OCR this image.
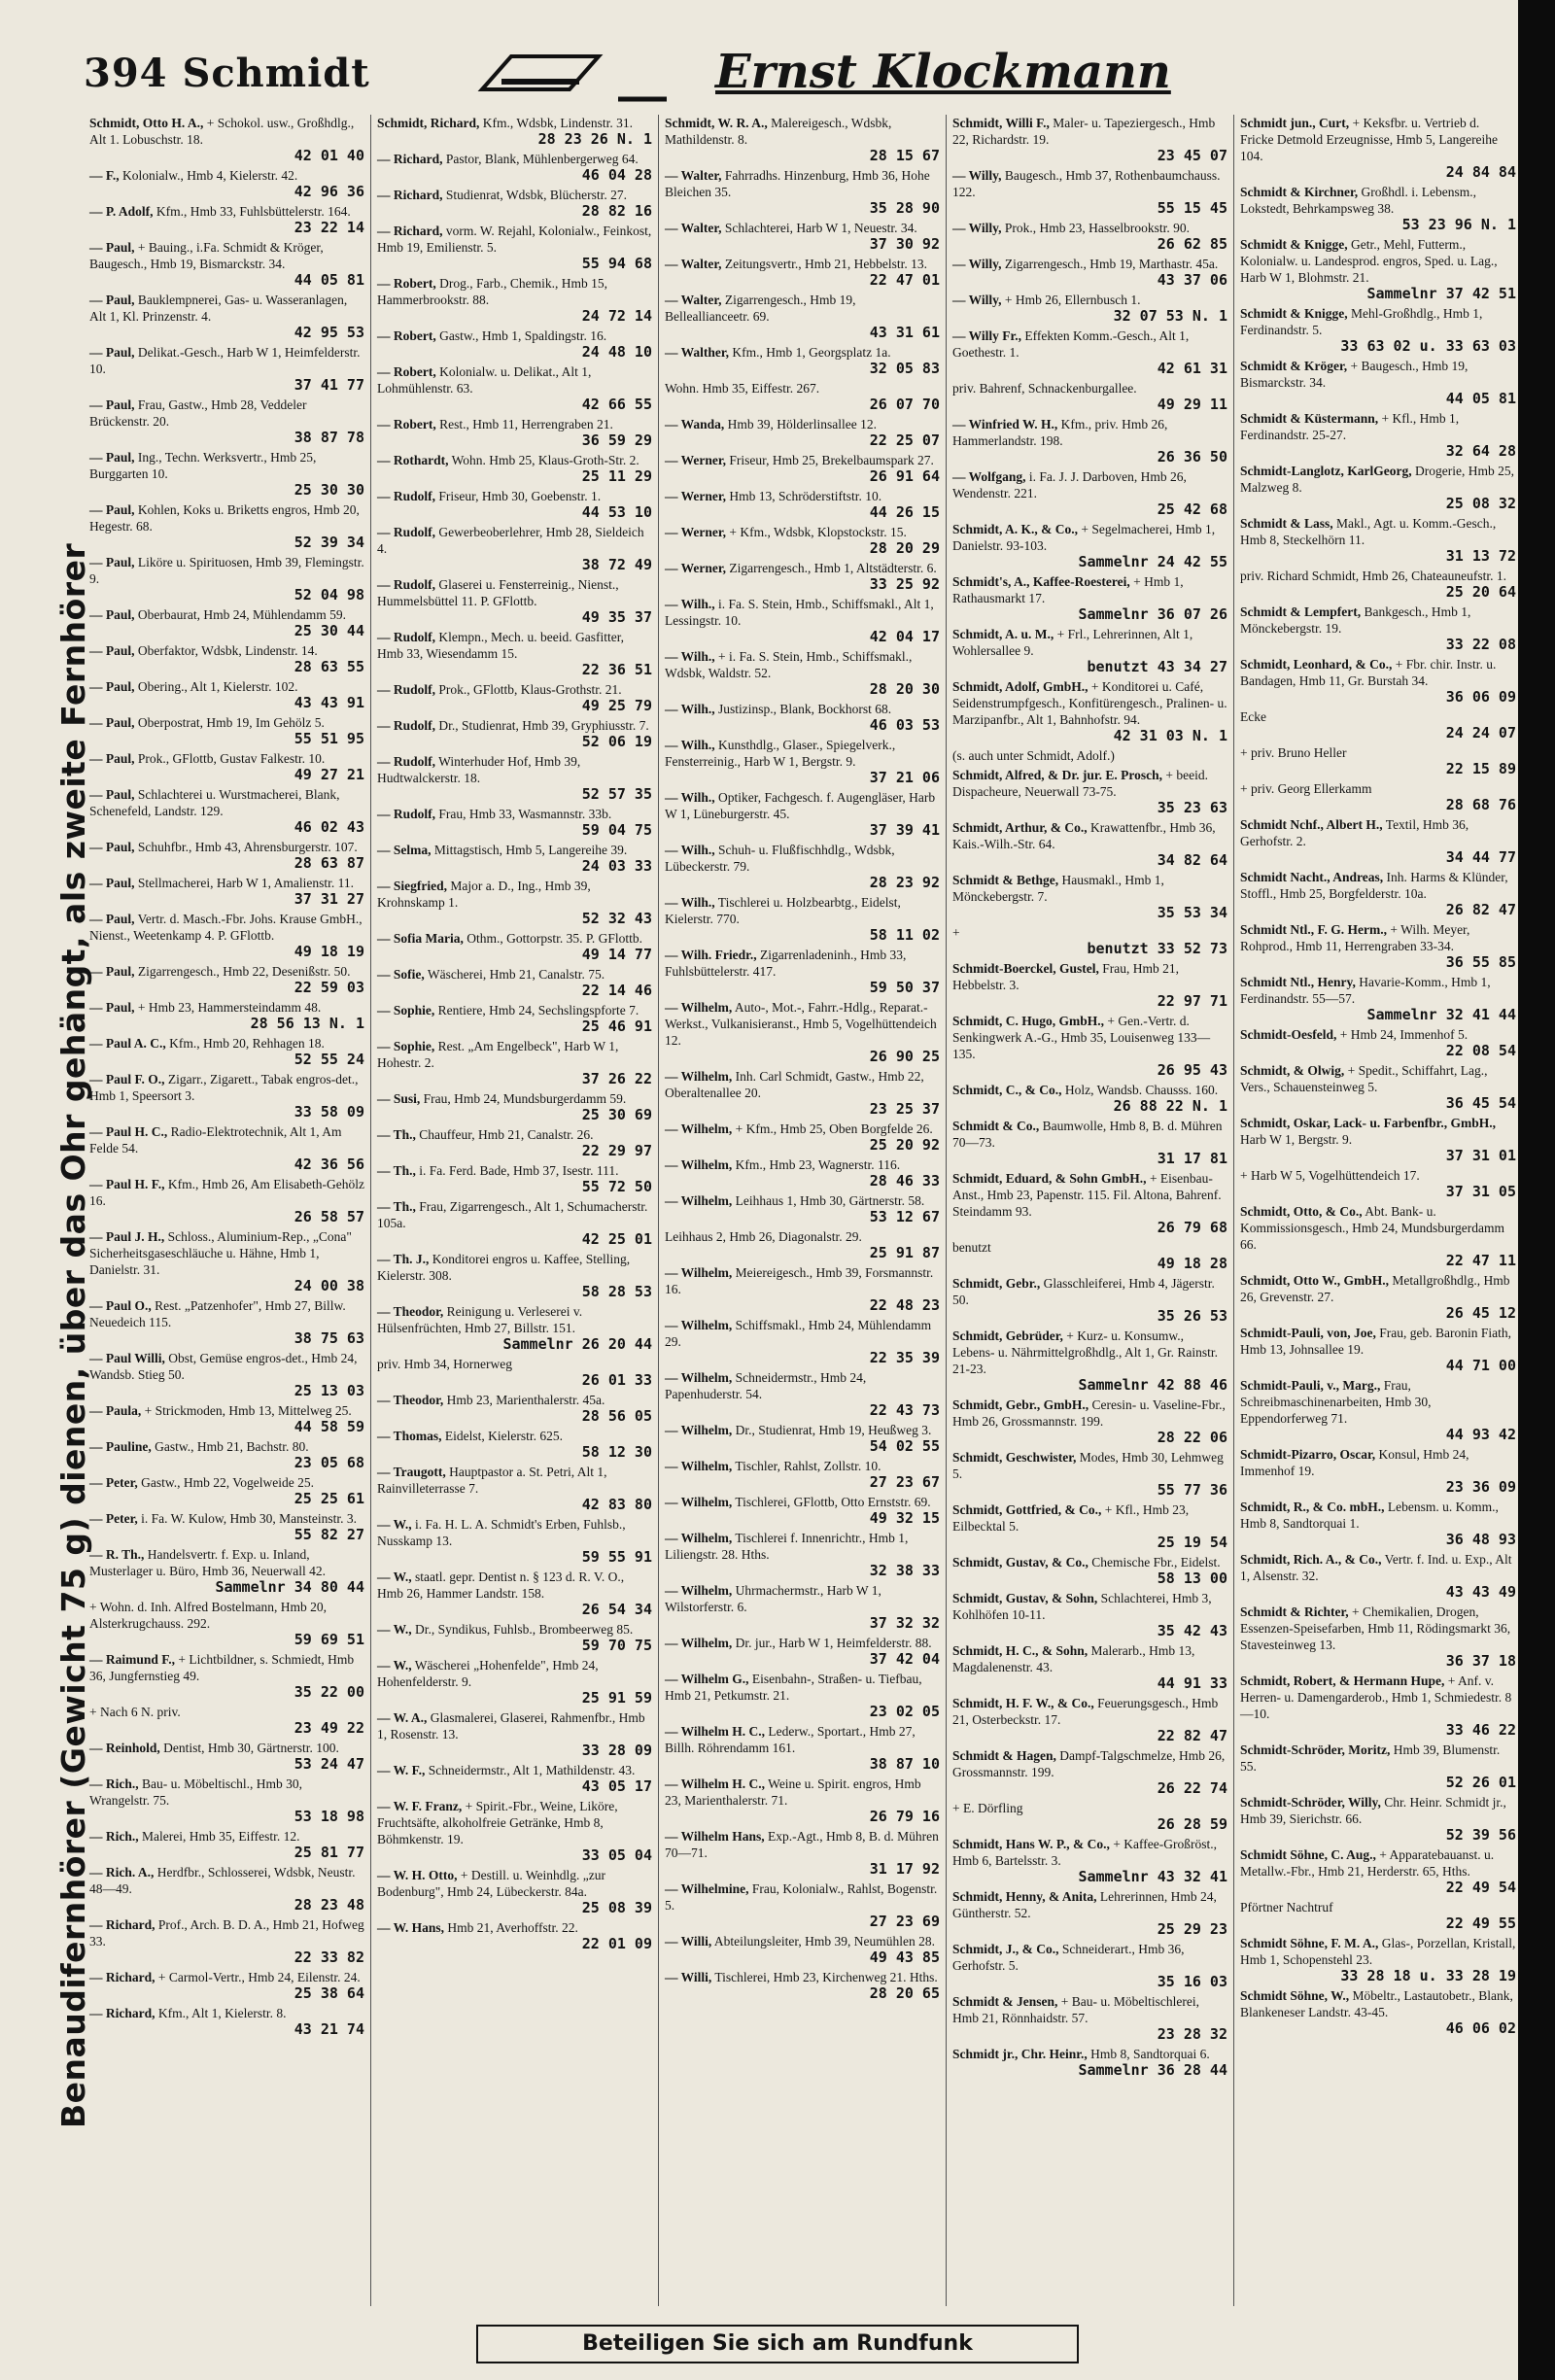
394 Schmidt	Ernst Klockmann
Benaudifernhörer (Gewicht 75 g) dienen, über das Ohr gehängt, als zweite Fernhörer
Schmidt, Otto H. A., + Schokol. usw., Großhdlg., Alt 1. Lobuschstr. 18.
42 01 40
— F., Kolonialw., Hmb 4, Kielerstr. 42.
42 96 36
— P. Adolf, Kfm., Hmb 33, Fuhlsbüttelerstr. 164.
23 22 14
— Paul, + Bauing., i.Fa. Schmidt & Kröger, Baugesch., Hmb 19, Bismarckstr. 34.
44 05 81
— Paul, Bauklempnerei, Gas- u. Wasseranlagen, Alt 1, Kl. Prinzenstr. 4.
42 95 53
— Paul, Delikat.-Gesch., Harb W 1, Heimfelderstr. 10.
37 41 77
— Paul, Frau, Gastw., Hmb 28, Veddeler Brückenstr. 20.
38 87 78
— Paul, Ing., Techn. Werksvertr., Hmb 25, Burggarten 10.
25 30 30
— Paul, Kohlen, Koks u. Briketts engros, Hmb 20, Hegestr. 68.
52 39 34
— Paul, Liköre u. Spirituosen, Hmb 39, Flemingstr. 9.
52 04 98
— Paul, Oberbaurat, Hmb 24, Mühlendamm 59.
25 30 44
— Paul, Oberfaktor, Wdsbk, Lindenstr. 14.
28 63 55
— Paul, Obering., Alt 1, Kielerstr. 102.
43 43 91
— Paul, Oberpostrat, Hmb 19, Im Gehölz 5.
55 51 95
— Paul, Prok., GFlottb, Gustav Falkestr. 10.
49 27 21
— Paul, Schlachterei u. Wurstmacherei, Blank, Schenefeld, Landstr. 129.
46 02 43
— Paul, Schuhfbr., Hmb 43, Ahrensburgerstr. 107.
28 63 87
— Paul, Stellmacherei, Harb W 1, Amalienstr. 11.
37 31 27
— Paul, Vertr. d. Masch.-Fbr. Johs. Krause GmbH., Nienst., Weetenkamp 4. P. GFlottb.
49 18 19
— Paul, Zigarrengesch., Hmb 22, Desenißstr. 50.
22 59 03
— Paul, + Hmb 23, Hammersteindamm 48.
28 56 13 N. 1
— Paul A. C., Kfm., Hmb 20, Rehhagen 18.
52 55 24
— Paul F. O., Zigarr., Zigarett., Tabak engros-det., Hmb 1, Speersort 3.
33 58 09
— Paul H. C., Radio-Elektrotechnik, Alt 1, Am Felde 54.
42 36 56
— Paul H. F., Kfm., Hmb 26, Am Elisabeth-Gehölz 16.
26 58 57
— Paul J. H., Schloss., Aluminium-Rep., „Cona" Sicherheitsgaseschläuche u. Hähne, Hmb 1, Danielstr. 31.
24 00 38
— Paul O., Rest. „Patzenhofer", Hmb 27, Billw. Neuedeich 115.
38 75 63
— Paul Willi, Obst, Gemüse engros-det., Hmb 24, Wandsb. Stieg 50.
25 13 03
— Paula, + Strickmoden, Hmb 13, Mittelweg 25.
44 58 59
— Pauline, Gastw., Hmb 21, Bachstr. 80.
23 05 68
— Peter, Gastw., Hmb 22, Vogelweide 25.
25 25 61
— Peter, i. Fa. W. Kulow, Hmb 30, Mansteinstr. 3.
55 82 27
— R. Th., Handelsvertr. f. Exp. u. Inland, Musterlager u. Büro, Hmb 36, Neuerwall 42.
Sammelnr 34 80 44
+ Wohn. d. Inh. Alfred Bostelmann, Hmb 20, Alsterkrugchauss. 292.
59 69 51
— Raimund F., + Lichtbildner, s. Schmiedt, Hmb 36, Jungfernstieg 49.
35 22 00
+ Nach 6 N. priv.
23 49 22
— Reinhold, Dentist, Hmb 30, Gärtnerstr. 100.
53 24 47
— Rich., Bau- u. Möbeltischl., Hmb 30, Wrangelstr. 75.
53 18 98
— Rich., Malerei, Hmb 35, Eiffestr. 12.
25 81 77
— Rich. A., Herdfbr., Schlosserei, Wdsbk, Neustr. 48—49.
28 23 48
— Richard, Prof., Arch. B. D. A., Hmb 21, Hofweg 33.
22 33 82
— Richard, + Carmol-Vertr., Hmb 24, Eilenstr. 24.
25 38 64
— Richard, Kfm., Alt 1, Kielerstr. 8.
43 21 74
Schmidt, Richard, Kfm., Wdsbk, Lindenstr. 31.
28 23 26 N. 1
— Richard, Pastor, Blank, Mühlenbergerweg 64.
46 04 28
— Richard, Studienrat, Wdsbk, Blücherstr. 27.
28 82 16
— Richard, vorm. W. Rejahl, Kolonialw., Feinkost, Hmb 19, Emilienstr. 5.
55 94 68
— Robert, Drog., Farb., Chemik., Hmb 15, Hammerbrookstr. 88.
24 72 14
— Robert, Gastw., Hmb 1, Spaldingstr. 16.
24 48 10
— Robert, Kolonialw. u. Delikat., Alt 1, Lohmühlenstr. 63.
42 66 55
— Robert, Rest., Hmb 11, Herrengraben 21.
36 59 29
— Rothardt, Wohn. Hmb 25, Klaus-Groth-Str. 2.
25 11 29
— Rudolf, Friseur, Hmb 30, Goebenstr. 1.
44 53 10
— Rudolf, Gewerbeoberlehrer, Hmb 28, Sieldeich 4.
38 72 49
— Rudolf, Glaserei u. Fensterreinig., Nienst., Hummelsbüttel 11. P. GFlottb.
49 35 37
— Rudolf, Klempn., Mech. u. beeid. Gasfitter, Hmb 33, Wiesendamm 15.
22 36 51
— Rudolf, Prok., GFlottb, Klaus-Grothstr. 21.
49 25 79
— Rudolf, Dr., Studienrat, Hmb 39, Gryphiusstr. 7.
52 06 19
— Rudolf, Winterhuder Hof, Hmb 39, Hudtwalckerstr. 18.
52 57 35
— Rudolf, Frau, Hmb 33, Wasmannstr. 33b.
59 04 75
— Selma, Mittagstisch, Hmb 5, Langereihe 39.
24 03 33
— Siegfried, Major a. D., Ing., Hmb 39, Krohnskamp 1.
52 32 43
— Sofia Maria, Othm., Gottorpstr. 35. P. GFlottb.
49 14 77
— Sofie, Wäscherei, Hmb 21, Canalstr. 75.
22 14 46
— Sophie, Rentiere, Hmb 24, Sechslingspforte 7.
25 46 91
— Sophie, Rest. „Am Engelbeck", Harb W 1, Hohestr. 2.
37 26 22
— Susi, Frau, Hmb 24, Mundsburgerdamm 59.
25 30 69
— Th., Chauffeur, Hmb 21, Canalstr. 26.
22 29 97
— Th., i. Fa. Ferd. Bade, Hmb 37, Isestr. 111.
55 72 50
— Th., Frau, Zigarrengesch., Alt 1, Schumacherstr. 105a.
42 25 01
— Th. J., Konditorei engros u. Kaffee, Stelling, Kielerstr. 308.
58 28 53
— Theodor, Reinigung u. Verleserei v. Hülsenfrüchten, Hmb 27, Billstr. 151.
Sammelnr 26 20 44
priv. Hmb 34, Hornerweg
26 01 33
— Theodor, Hmb 23, Marienthalerstr. 45a.
28 56 05
— Thomas, Eidelst, Kielerstr. 625.
58 12 30
— Traugott, Hauptpastor a. St. Petri, Alt 1, Rainvilleterrasse 7.
42 83 80
— W., i. Fa. H. L. A. Schmidt's Erben, Fuhlsb., Nusskamp 13.
59 55 91
— W., staatl. gepr. Dentist n. § 123 d. R. V. O., Hmb 26, Hammer Landstr. 158.
26 54 34
— W., Dr., Syndikus, Fuhlsb., Brombeerweg 85.
59 70 75
— W., Wäscherei „Hohenfelde", Hmb 24, Hohenfelderstr. 9.
25 91 59
— W. A., Glasmalerei, Glaserei, Rahmenfbr., Hmb 1, Rosenstr. 13.
33 28 09
— W. F., Schneidermstr., Alt 1, Mathildenstr. 43.
43 05 17
— W. F. Franz, + Spirit.-Fbr., Weine, Liköre, Fruchtsäfte, alkoholfreie Getränke, Hmb 8, Böhmkenstr. 19.
33 05 04
— W. H. Otto, + Destill. u. Weinhdlg. „zur Bodenburg", Hmb 24, Lübeckerstr. 84a.
25 08 39
— W. Hans, Hmb 21, Averhoffstr. 22.
22 01 09
Schmidt, W. R. A., Malereigesch., Wdsbk, Mathildenstr. 8.
28 15 67
— Walter, Fahrradhs. Hinzenburg, Hmb 36, Hohe Bleichen 35.
35 28 90
— Walter, Schlachterei, Harb W 1, Neuestr. 34.
37 30 92
— Walter, Zeitungsvertr., Hmb 21, Hebbelstr. 13.
22 47 01
— Walter, Zigarrengesch., Hmb 19, Belleallianceetr. 69.
43 31 61
— Walther, Kfm., Hmb 1, Georgsplatz 1a.
32 05 83
Wohn. Hmb 35, Eiffestr. 267.
26 07 70
— Wanda, Hmb 39, Hölderlinsallee 12.
22 25 07
— Werner, Friseur, Hmb 25, Brekelbaumspark 27.
26 91 64
— Werner, Hmb 13, Schröderstiftstr. 10.
44 26 15
— Werner, + Kfm., Wdsbk, Klopstockstr. 15.
28 20 29
— Werner, Zigarrengesch., Hmb 1, Altstädterstr. 6.
33 25 92
— Wilh., i. Fa. S. Stein, Hmb., Schiffsmakl., Alt 1, Lessingstr. 10.
42 04 17
— Wilh., + i. Fa. S. Stein, Hmb., Schiffsmakl., Wdsbk, Waldstr. 52.
28 20 30
— Wilh., Justizinsp., Blank, Bockhorst 68.
46 03 53
— Wilh., Kunsthdlg., Glaser., Spiegelverk., Fensterreinig., Harb W 1, Bergstr. 9.
37 21 06
— Wilh., Optiker, Fachgesch. f. Augengläser, Harb W 1, Lüneburgerstr. 45.
37 39 41
— Wilh., Schuh- u. Flußfischhdlg., Wdsbk, Lübeckerstr. 79.
28 23 92
— Wilh., Tischlerei u. Holzbearbtg., Eidelst, Kielerstr. 770.
58 11 02
— Wilh. Friedr., Zigarrenladeninh., Hmb 33, Fuhlsbüttelerstr. 417.
59 50 37
— Wilhelm, Auto-, Mot.-, Fahrr.-Hdlg., Reparat.-Werkst., Vulkanisieranst., Hmb 5, Vogelhüttendeich 12.
26 90 25
— Wilhelm, Inh. Carl Schmidt, Gastw., Hmb 22, Oberaltenallee 20.
23 25 37
— Wilhelm, + Kfm., Hmb 25, Oben Borgfelde 26.
25 20 92
— Wilhelm, Kfm., Hmb 23, Wagnerstr. 116.
28 46 33
— Wilhelm, Leihhaus 1, Hmb 30, Gärtnerstr. 58.
53 12 67
Leihhaus 2, Hmb 26, Diagonalstr. 29.
25 91 87
— Wilhelm, Meiereigesch., Hmb 39, Forsmannstr. 16.
22 48 23
— Wilhelm, Schiffsmakl., Hmb 24, Mühlendamm 29.
22 35 39
— Wilhelm, Schneidermstr., Hmb 24, Papenhuderstr. 54.
22 43 73
— Wilhelm, Dr., Studienrat, Hmb 19, Heußweg 3.
54 02 55
— Wilhelm, Tischler, Rahlst, Zollstr. 10.
27 23 67
— Wilhelm, Tischlerei, GFlottb, Otto Ernststr. 69.
49 32 15
— Wilhelm, Tischlerei f. Innenrichtr., Hmb 1, Liliengstr. 28. Hths.
32 38 33
— Wilhelm, Uhrmachermstr., Harb W 1, Wilstorferstr. 6.
37 32 32
— Wilhelm, Dr. jur., Harb W 1, Heimfelderstr. 88.
37 42 04
— Wilhelm G., Eisenbahn-, Straßen- u. Tiefbau, Hmb 21, Petkumstr. 21.
23 02 05
— Wilhelm H. C., Lederw., Sportart., Hmb 27, Billh. Röhrendamm 161.
38 87 10
— Wilhelm H. C., Weine u. Spirit. engros, Hmb 23, Marienthalerstr. 71.
26 79 16
— Wilhelm Hans, Exp.-Agt., Hmb 8, B. d. Mühren 70—71.
31 17 92
— Wilhelmine, Frau, Kolonialw., Rahlst, Bogenstr. 5.
27 23 69
— Willi, Abteilungsleiter, Hmb 39, Neumühlen 28.
49 43 85
— Willi, Tischlerei, Hmb 23, Kirchenweg 21. Hths.
28 20 65
Schmidt, Willi F., Maler- u. Tapeziergesch., Hmb 22, Richardstr. 19.
23 45 07
— Willy, Baugesch., Hmb 37, Rothenbaumchauss. 122.
55 15 45
— Willy, Prok., Hmb 23, Hasselbrookstr. 90.
26 62 85
— Willy, Zigarrengesch., Hmb 19, Marthastr. 45a.
43 37 06
— Willy, + Hmb 26, Ellernbusch 1.
32 07 53 N. 1
— Willy Fr., Effekten Komm.-Gesch., Alt 1, Goethestr. 1.
42 61 31
priv. Bahrenf, Schnackenburgallee.
49 29 11
— Winfried W. H., Kfm., priv. Hmb 26, Hammerlandstr. 198.
26 36 50
— Wolfgang, i. Fa. J. J. Darboven, Hmb 26, Wendenstr. 221.
25 42 68
Schmidt, A. K., & Co., + Segelmacherei, Hmb 1, Danielstr. 93-103.
Sammelnr 24 42 55
Schmidt's, A., Kaffee-Roesterei, + Hmb 1, Rathausmarkt 17.
Sammelnr 36 07 26
Schmidt, A. u. M., + Frl., Lehrerinnen, Alt 1, Wohlersallee 9.
benutzt 43 34 27
Schmidt, Adolf, GmbH., + Konditorei u. Café, Seidenstrumpfgesch., Konfitürengesch., Pralinen- u. Marzipanfbr., Alt 1, Bahnhofstr. 94.
42 31 03 N. 1
(s. auch unter Schmidt, Adolf.)
Schmidt, Alfred, & Dr. jur. E. Prosch, + beeid. Dispacheure, Neuerwall 73-75.
35 23 63
Schmidt, Arthur, & Co., Krawattenfbr., Hmb 36, Kais.-Wilh.-Str. 64.
34 82 64
Schmidt & Bethge, Hausmakl., Hmb 1, Mönckebergstr. 7.
35 53 34
+
benutzt 33 52 73
Schmidt-Boerckel, Gustel, Frau, Hmb 21, Hebbelstr. 3.
22 97 71
Schmidt, C. Hugo, GmbH., + Gen.-Vertr. d. Senkingwerk A.-G., Hmb 35, Louisenweg 133—135.
26 95 43
Schmidt, C., & Co., Holz, Wandsb. Chausss. 160.
26 88 22 N. 1
Schmidt & Co., Baumwolle, Hmb 8, B. d. Mühren 70—73.
31 17 81
Schmidt, Eduard, & Sohn GmbH., + Eisenbau-Anst., Hmb 23, Papenstr. 115. Fil. Altona, Bahrenf. Steindamm 93.
26 79 68
benutzt
49 18 28
Schmidt, Gebr., Glasschleiferei, Hmb 4, Jägerstr. 50.
35 26 53
Schmidt, Gebrüder, + Kurz- u. Konsumw., Lebens- u. Nährmittelgroßhdlg., Alt 1, Gr. Rainstr. 21-23.
Sammelnr 42 88 46
Schmidt, Gebr., GmbH., Ceresin- u. Vaseline-Fbr., Hmb 26, Grossmannstr. 199.
28 22 06
Schmidt, Geschwister, Modes, Hmb 30, Lehmweg 5.
55 77 36
Schmidt, Gottfried, & Co., + Kfl., Hmb 23, Eilbecktal 5.
25 19 54
Schmidt, Gustav, & Co., Chemische Fbr., Eidelst.
58 13 00
Schmidt, Gustav, & Sohn, Schlachterei, Hmb 3, Kohlhöfen 10-11.
35 42 43
Schmidt, H. C., & Sohn, Malerarb., Hmb 13, Magdalenenstr. 43.
44 91 33
Schmidt, H. F. W., & Co., Feuerungsgesch., Hmb 21, Osterbeckstr. 17.
22 82 47
Schmidt & Hagen, Dampf-Talgschmelze, Hmb 26, Grossmannstr. 199.
26 22 74
+ E. Dörfling
26 28 59
Schmidt, Hans W. P., & Co., + Kaffee-Großröst., Hmb 6, Bartelsstr. 3.
Sammelnr 43 32 41
Schmidt, Henny, & Anita, Lehrerinnen, Hmb 24, Güntherstr. 52.
25 29 23
Schmidt, J., & Co., Schneiderart., Hmb 36, Gerhofstr. 5.
35 16 03
Schmidt & Jensen, + Bau- u. Möbeltischlerei, Hmb 21, Rönnhaidstr. 57.
23 28 32
Schmidt jr., Chr. Heinr., Hmb 8, Sandtorquai 6.
Sammelnr 36 28 44
Schmidt jun., Curt, + Keksfbr. u. Vertrieb d. Fricke Detmold Erzeugnisse, Hmb 5, Langereihe 104.
24 84 84
Schmidt & Kirchner, Großhdl. i. Lebensm., Lokstedt, Behrkampsweg 38.
53 23 96 N. 1
Schmidt & Knigge, Getr., Mehl, Futterm., Kolonialw. u. Landesprod. engros, Sped. u. Lag., Harb W 1, Blohmstr. 21.
Sammelnr 37 42 51
Schmidt & Knigge, Mehl-Großhdlg., Hmb 1, Ferdinandstr. 5.
33 63 02 u. 33 63 03
Schmidt & Kröger, + Baugesch., Hmb 19, Bismarckstr. 34.
44 05 81
Schmidt & Küstermann, + Kfl., Hmb 1, Ferdinandstr. 25-27.
32 64 28
Schmidt-Langlotz, KarlGeorg, Drogerie, Hmb 25, Malzweg 8.
25 08 32
Schmidt & Lass, Makl., Agt. u. Komm.-Gesch., Hmb 8, Steckelhörn 11.
31 13 72
priv. Richard Schmidt, Hmb 26, Chateauneufstr. 1.
25 20 64
Schmidt & Lempfert, Bankgesch., Hmb 1, Mönckebergstr. 19.
33 22 08
Schmidt, Leonhard, & Co., + Fbr. chir. Instr. u. Bandagen, Hmb 11, Gr. Burstah 34.
36 06 09
Ecke
24 24 07
+ priv. Bruno Heller
22 15 89
+ priv. Georg Ellerkamm
28 68 76
Schmidt Nchf., Albert H., Textil, Hmb 36, Gerhofstr. 2.
34 44 77
Schmidt Nacht., Andreas, Inh. Harms & Klünder, Stoffl., Hmb 25, Borgfelderstr. 10a.
26 82 47
Schmidt Ntl., F. G. Herm., + Wilh. Meyer, Rohprod., Hmb 11, Herrengraben 33-34.
36 55 85
Schmidt Ntl., Henry, Havarie-Komm., Hmb 1, Ferdinandstr. 55—57.
Sammelnr 32 41 44
Schmidt-Oesfeld, + Hmb 24, Immenhof 5.
22 08 54
Schmidt, & Olwig, + Spedit., Schiffahrt, Lag., Vers., Schauensteinweg 5.
36 45 54
Schmidt, Oskar, Lack- u. Farbenfbr., GmbH., Harb W 1, Bergstr. 9.
37 31 01
+ Harb W 5, Vogelhüttendeich 17.
37 31 05
Schmidt, Otto, & Co., Abt. Bank- u. Kommissionsgesch., Hmb 24, Mundsburgerdamm 66.
22 47 11
Schmidt, Otto W., GmbH., Metallgroßhdlg., Hmb 26, Grevenstr. 27.
26 45 12
Schmidt-Pauli, von, Joe, Frau, geb. Baronin Fiath, Hmb 13, Johnsallee 19.
44 71 00
Schmidt-Pauli, v., Marg., Frau, Schreibmaschinenarbeiten, Hmb 30, Eppendorferweg 71.
44 93 42
Schmidt-Pizarro, Oscar, Konsul, Hmb 24, Immenhof 19.
23 36 09
Schmidt, R., & Co. mbH., Lebensm. u. Komm., Hmb 8, Sandtorquai 1.
36 48 93
Schmidt, Rich. A., & Co., Vertr. f. Ind. u. Exp., Alt 1, Alsenstr. 32.
43 43 49
Schmidt & Richter, + Chemikalien, Drogen, Essenzen-Speisefarben, Hmb 11, Rödingsmarkt 36, Stavesteinweg 13.
36 37 18
Schmidt, Robert, & Hermann Hupe, + Anf. v. Herren- u. Damengarderob., Hmb 1, Schmiedestr. 8—10.
33 46 22
Schmidt-Schröder, Moritz, Hmb 39, Blumenstr. 55.
52 26 01
Schmidt-Schröder, Willy, Chr. Heinr. Schmidt jr., Hmb 39, Sierichstr. 66.
52 39 56
Schmidt Söhne, C. Aug., + Apparatebauanst. u. Metallw.-Fbr., Hmb 21, Herderstr. 65, Hths.
22 49 54
Pförtner Nachtruf
22 49 55
Schmidt Söhne, F. M. A., Glas-, Porzellan, Kristall, Hmb 1, Schopenstehl 23.
33 28 18 u. 33 28 19
Schmidt Söhne, W., Möbeltr., Lastautobetr., Blank, Blankeneser Landstr. 43-45.
46 06 02
Beteiligen Sie sich am Rundfunk
